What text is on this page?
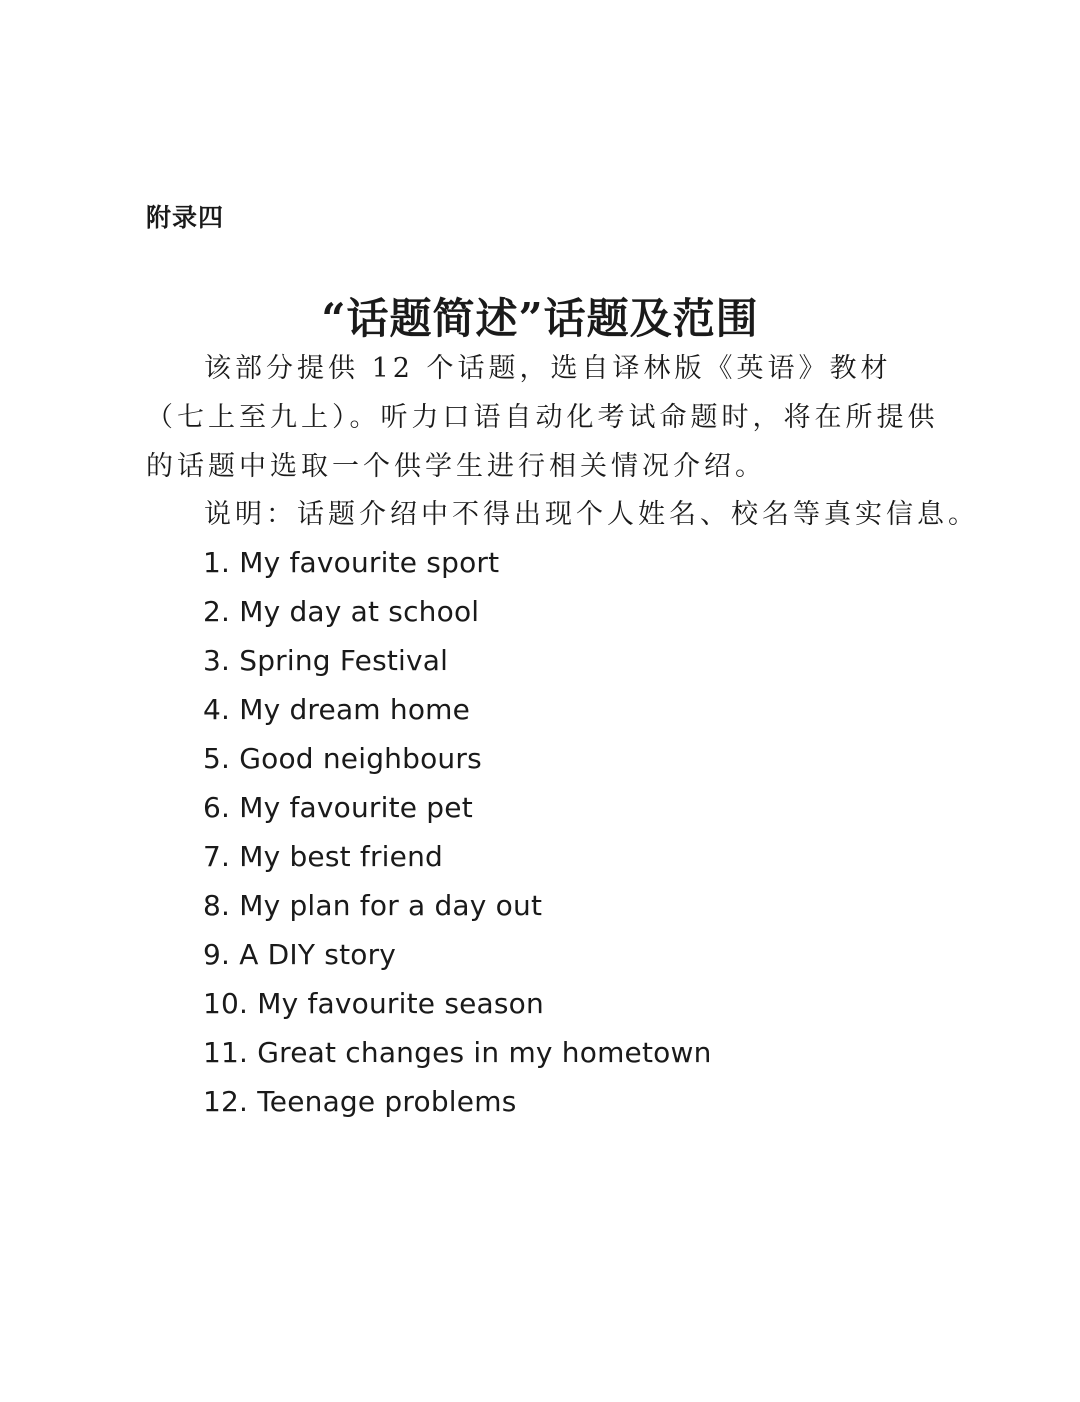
附录四
“话题简述”话题及范围

该部分提供 12 个话题，选自译林版《英语》教材（七上至九上）。听力口语自动化考试命题时，将在所提供的话题中选取一个供学生进行相关情况介绍。

说明：话题介绍中不得出现个人姓名、校名等真实信息。

1. My favourite sport
2. My day at school
3. Spring Festival
4. My dream home
5. Good neighbours
6. My favourite pet
7. My best friend
8. My plan for a day out
9. A DIY story
10. My favourite season
11. Great changes in my hometown
12. Teenage problems
